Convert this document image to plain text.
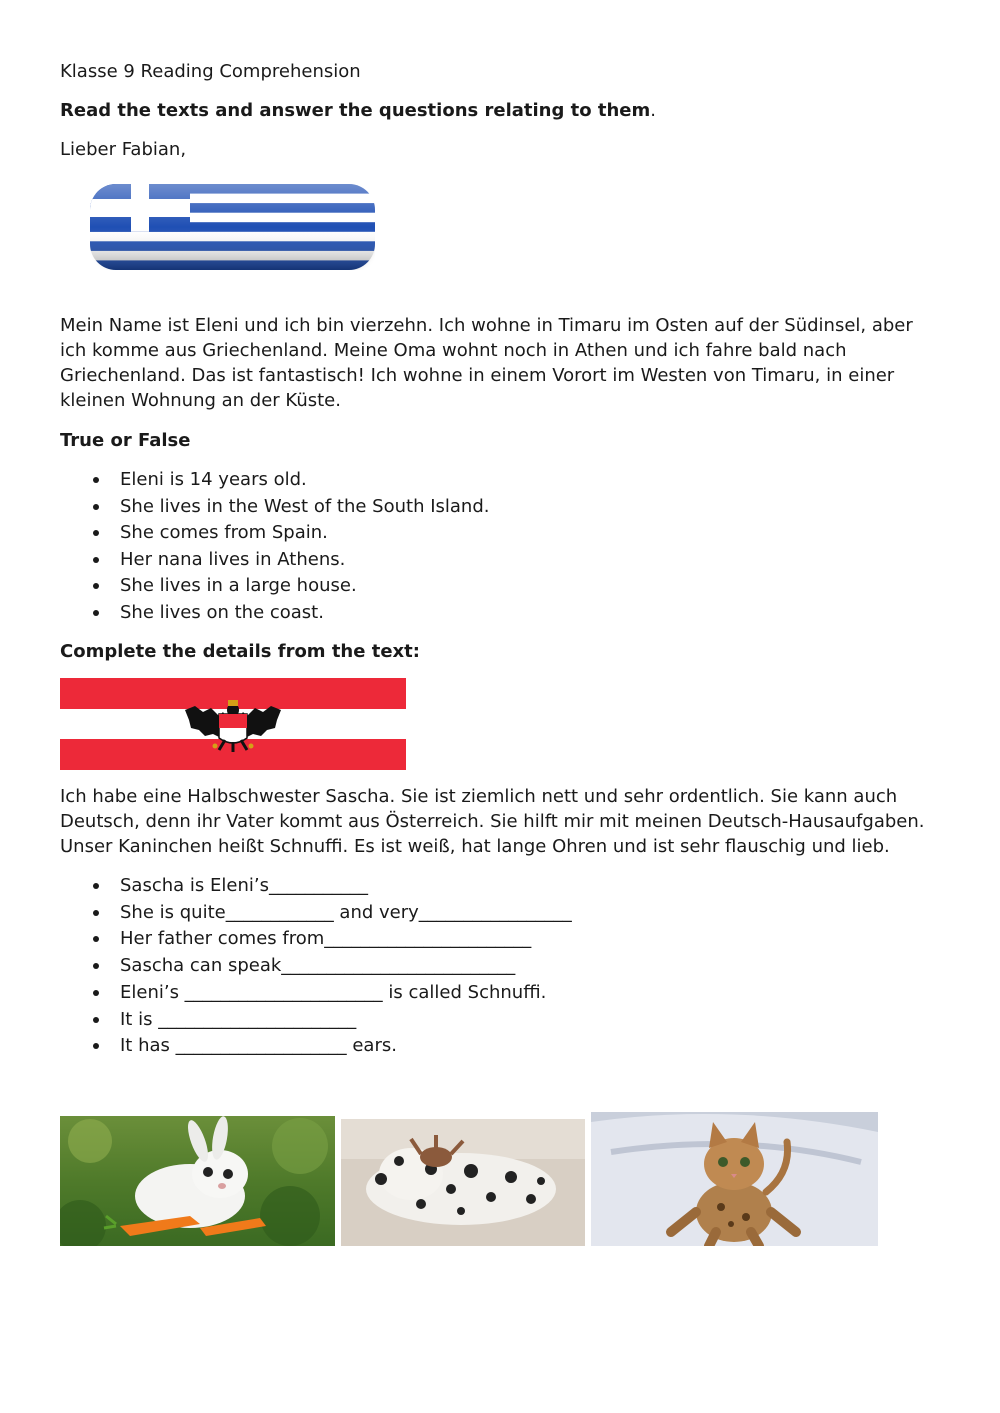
Klasse 9 Reading Comprehension
Read the texts and answer the questions relating to them.
Lieber Fabian,

Mein Name ist Eleni und ich bin vierzehn. Ich wohne in Timaru im Osten auf der Südinsel, aber

ich komme aus Griechenland. Meine Oma wohnt noch in Athen und ich fahre bald nach

Griechenland. Das ist fantastisch! Ich wohne in einem Vorort im Westen von Timaru, in einer

kleinen Wohnung an der Küste.

True or False
Eleni is 14 years old.
She lives in the West of the South Island.
She comes from Spain.
Her nana lives in Athens.
She lives in a large house.
She lives on the coast.
Complete the details from the text:

Ich habe eine Halbschwester Sascha. Sie ist ziemlich nett und sehr ordentlich. Sie kann auch

Deutsch, denn ihr Vater kommt aus Österreich. Sie hilft mir mit meinen Deutsch-Hausaufgaben.

Unser Kaninchen heißt Schnuffi. Es ist weiß, hat lange Ohren und ist sehr flauschig und lieb.

Sascha is Eleni’s___________
She is quite____________ and very_________________
Her father comes from_______________________
Sascha can speak__________________________
Eleni’s ______________________ is called Schnuffi.
It is ______________________
It has ___________________ ears.
